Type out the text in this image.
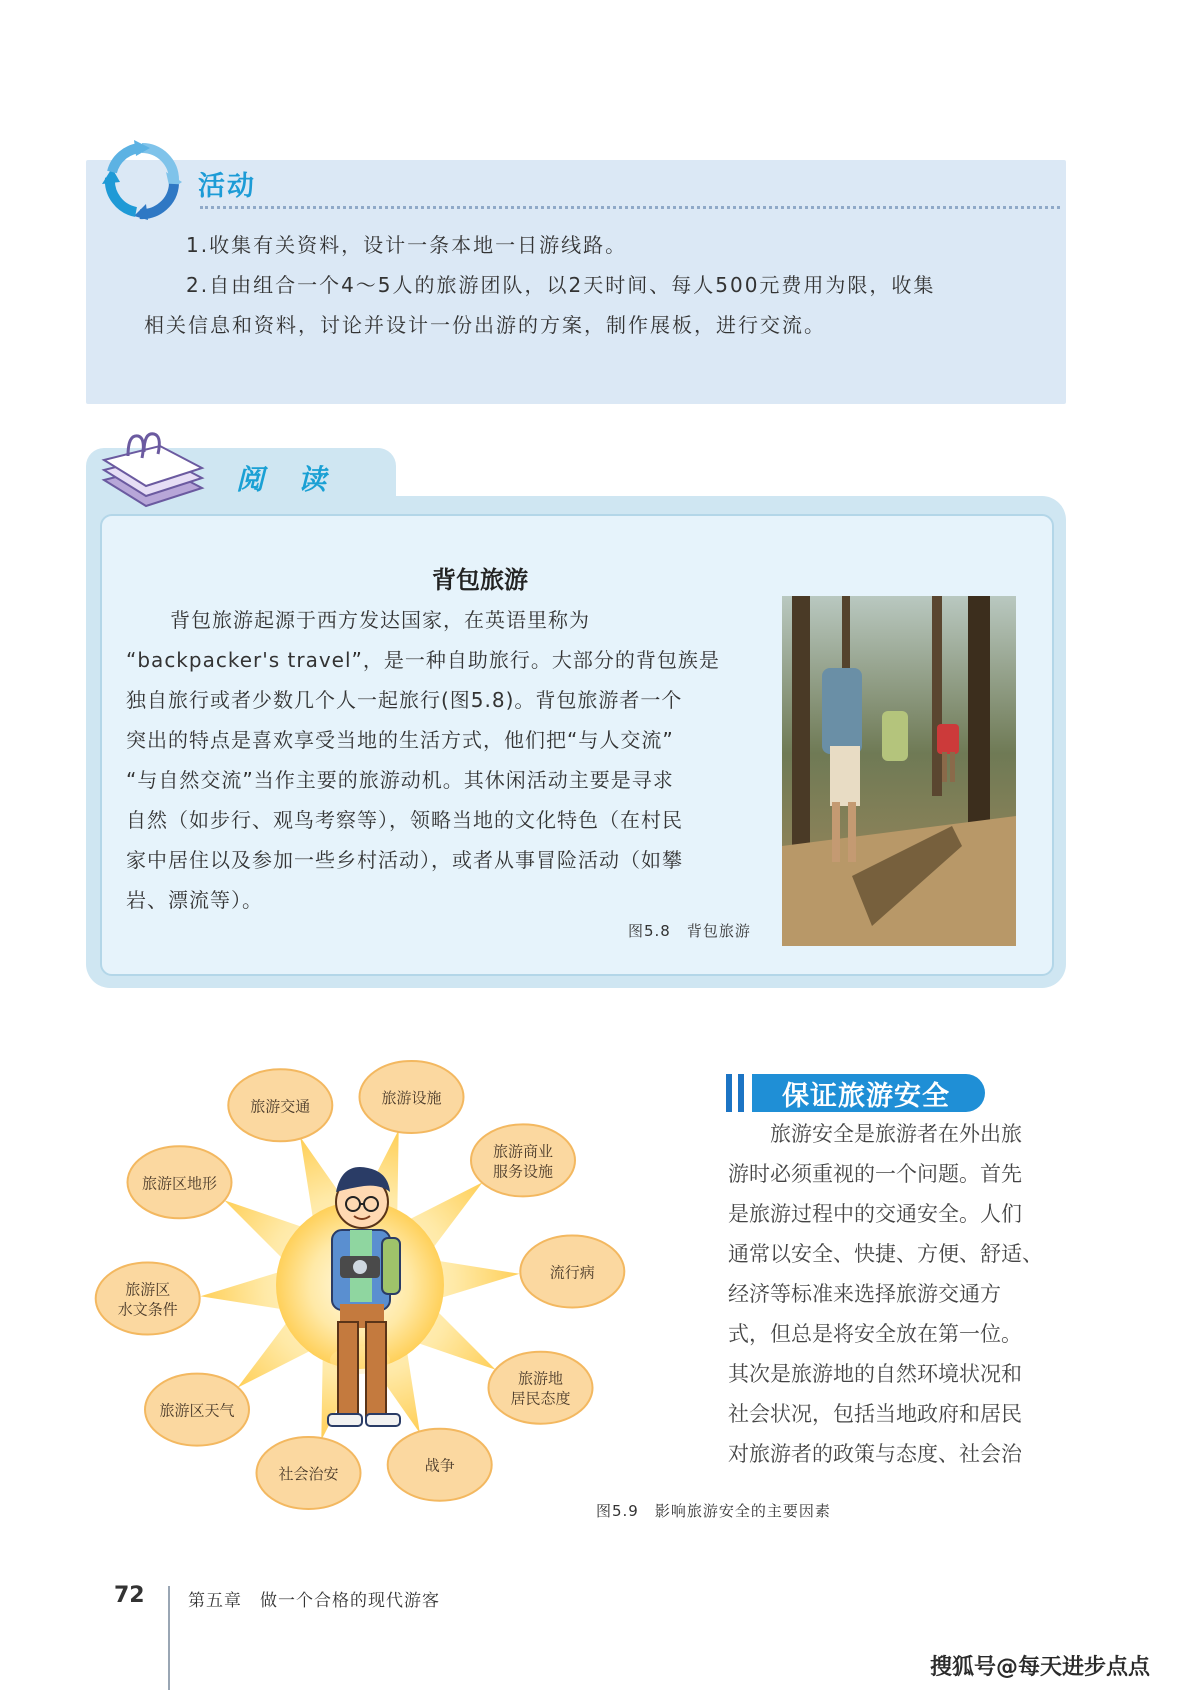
活动
1.收集有关资料，设计一条本地一日游线路。
2.自由组合一个4～5人的旅游团队，以2天时间、每人500元费用为限，收集
相关信息和资料，讨论并设计一份出游的方案，制作展板，进行交流。
阅读
背包旅游
背包旅游起源于西方发达国家，在英语里称为
“backpacker's travel”，是一种自助旅行。大部分的背包族是
独自旅行或者少数几个人一起旅行(图5.8)。背包旅游者一个
突出的特点是喜欢享受当地的生活方式，他们把“与人交流”
“与自然交流”当作主要的旅游动机。其休闲活动主要是寻求
自然（如步行、观鸟考察等），领略当地的文化特色（在村民
家中居住以及参加一些乡村活动），或者从事冒险活动（如攀
岩、漂流等）。
图5.8　背包旅游
旅游交通	旅游设施
旅游商业
服务设施
流行病
旅游地
居民态度
战争
社会治安
旅游区天气
旅游区
水文条件
旅游区地形
图5.9　影响旅游安全的主要因素
保证旅游安全
　　旅游安全是旅游者在外出旅
游时必须重视的一个问题。首先
是旅游过程中的交通安全。人们
通常以安全、快捷、方便、舒适、
经济等标准来选择旅游交通方
式，但总是将安全放在第一位。
其次是旅游地的自然环境状况和
社会状况，包括当地政府和居民
对旅游者的政策与态度、社会治
72	第五章　做一个合格的现代游客
搜狐号@每天进步点点
